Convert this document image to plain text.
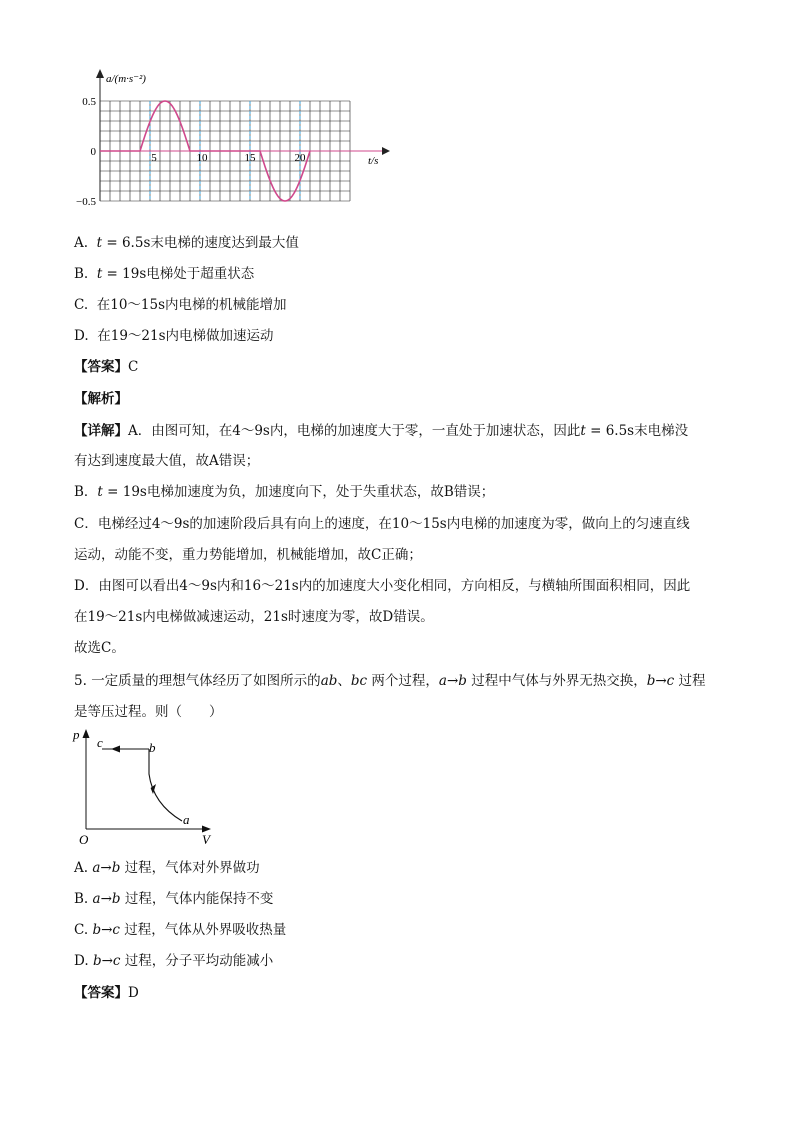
a/(m·s⁻²)
t/s
0.5
0
−0.5
5	10	15	20
A. t = 6.5s末电梯的速度达到最大值
B. t = 19s电梯处于超重状态
C. 在10～15s内电梯的机械能增加
D. 在19～21s内电梯做加速运动
【答案】C
【解析】
【详解】A．由图可知，在4～9s内，电梯的加速度大于零，一直处于加速状态，因此t = 6.5s末电梯没
有达到速度最大值，故A错误；
B．t = 19s电梯加速度为负，加速度向下，处于失重状态，故B错误；
C．电梯经过4～9s的加速阶段后具有向上的速度，在10～15s内电梯的加速度为零，做向上的匀速直线
运动，动能不变，重力势能增加，机械能增加，故C正确；
D．由图可以看出4～9s内和16～21s内的加速度大小变化相同，方向相反，与横轴所围面积相同，因此
在19～21s内电梯做减速运动，21s时速度为零，故D错误。
故选C。
5. 一定质量的理想气体经历了如图所示的ab、bc 两个过程，a→b 过程中气体与外界无热交换，b→c 过程
是等压过程。则（　　）
p
V
O
a
b
c
A. a→b 过程，气体对外界做功
B. a→b 过程，气体内能保持不变
C. b→c 过程，气体从外界吸收热量
D. b→c 过程，分子平均动能减小
【答案】D
